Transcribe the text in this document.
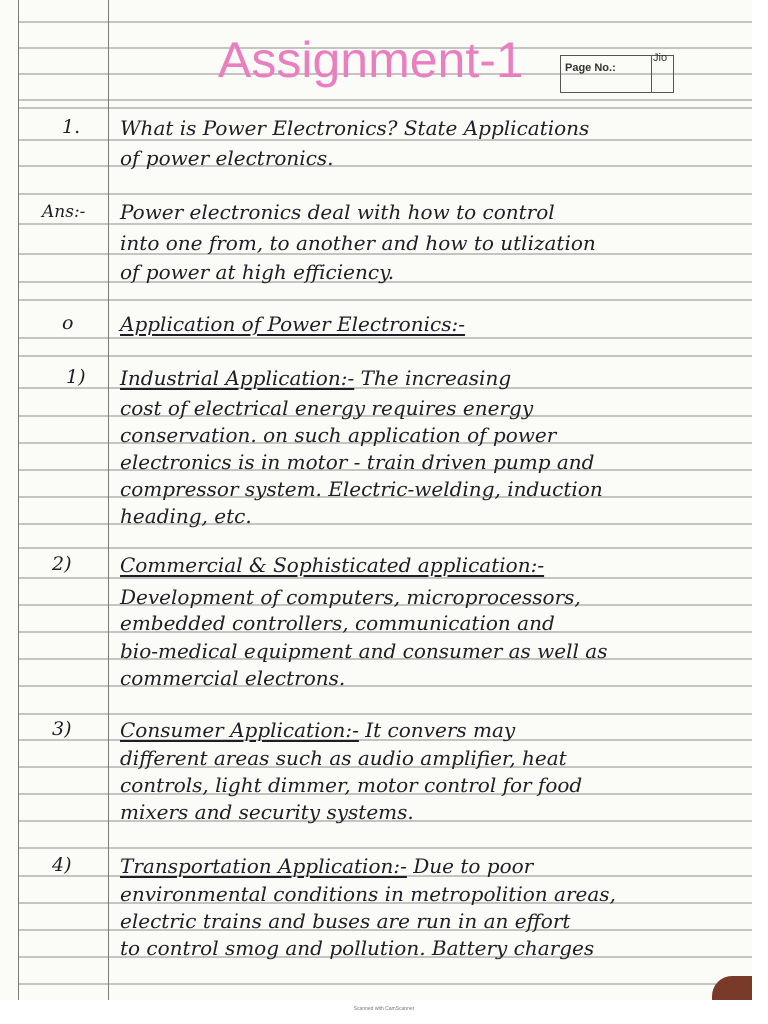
Assignment-1	Page No.:
Jio
1. What is Power Electronics? State Applications
of power electronics.
Ans:- Power electronics deal with how to control
into one from, to another and how to utlization
of power at high efficiency.
o Application of Power Electronics:-
1) Industrial Application:- The increasing
cost of electrical energy requires energy
conservation. on such application of power
electronics is in motor - train driven pump and
compressor system. Electric-welding, induction
heading, etc.
2) Commercial & Sophisticated application:-
Development of computers, microprocessors,
embedded controllers, communication and
bio-medical equipment and consumer as well as
commercial electrons.
3) Consumer Application:- It convers may
different areas such as audio amplifier, heat
controls, light dimmer, motor control for food
mixers and security systems.
4) Transportation Application:- Due to poor
environmental conditions in metropolition areas,
electric trains and buses are run in an effort
to control smog and pollution. Battery charges
Scanned with CamScanner
